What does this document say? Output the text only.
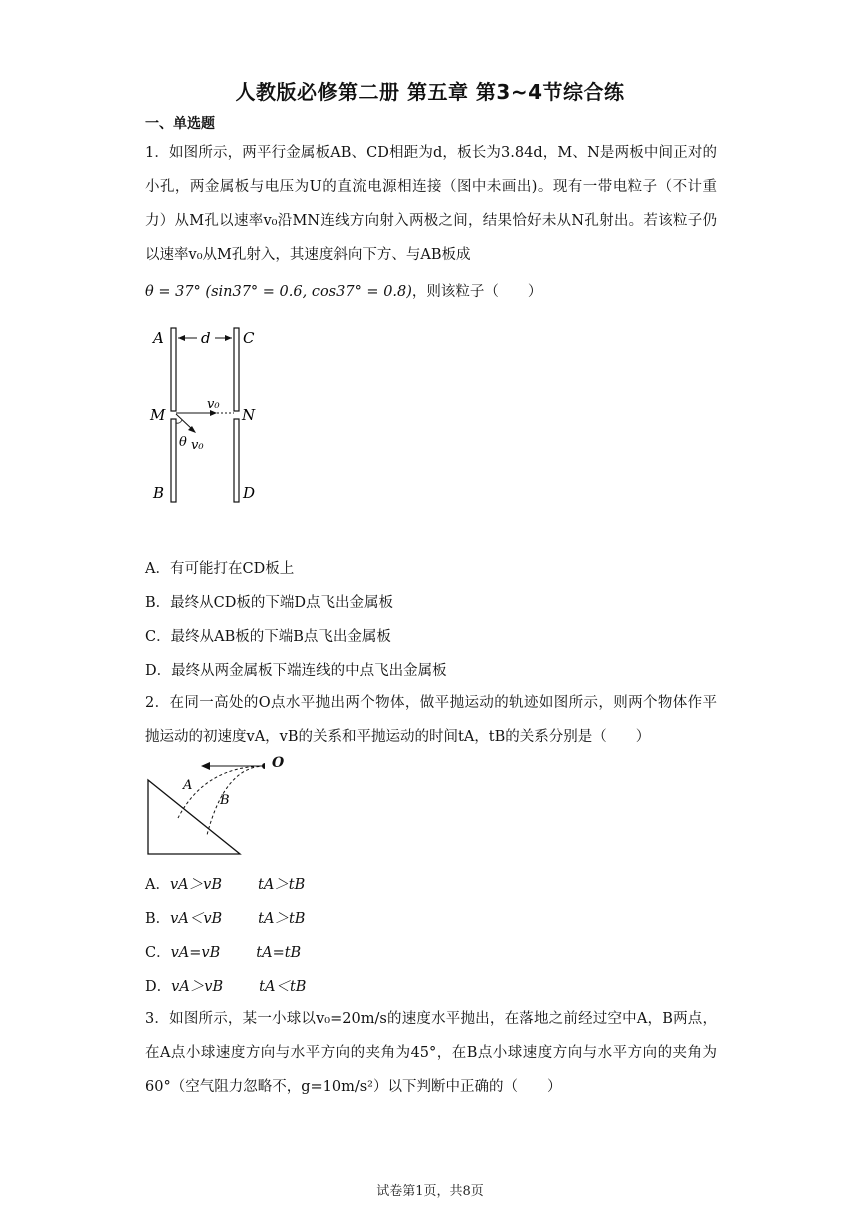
人教版必修第二册 第五章 第3~4节综合练
一、单选题
1．如图所示，两平行金属板AB、CD相距为d，板长为3.84d，M、N是两板中间正对的小孔，两金属板与电压为U的直流电源相连接（图中未画出)。现有一带电粒子（不计重力）从M孔以速率v₀沿MN连线方向射入两极之间，结果恰好未从N孔射出。若该粒子仍以速率v₀从M孔射入，其速度斜向下方、与AB板成
θ = 37° (sin37° = 0.6, cos37° = 0.8)，则该粒子（　　）
A	C
d
M	N
v₀
θ v₀
B	D
A．有可能打在CD板上
B．最终从CD板的下端D点飞出金属板
C．最终从AB板的下端B点飞出金属板
D．最终从两金属板下端连线的中点飞出金属板
2．在同一高处的O点水平抛出两个物体，做平抛运动的轨迹如图所示，则两个物体作平抛运动的初速度vA，vB的关系和平抛运动的时间tA，tB的关系分别是（　　）
A
B
O
A．vA＞vB tA＞tB
B．vA＜vB tA＞tB
C．vA=vB tA=tB
D．vA＞vB tA＜tB
3．如图所示，某一小球以v₀=20m/s的速度水平抛出，在落地之前经过空中A，B两点，在A点小球速度方向与水平方向的夹角为45°，在B点小球速度方向与水平方向的夹角为60°（空气阻力忽略不，g=10m/s²）以下判断中正确的（　　）
试卷第1页，共8页
